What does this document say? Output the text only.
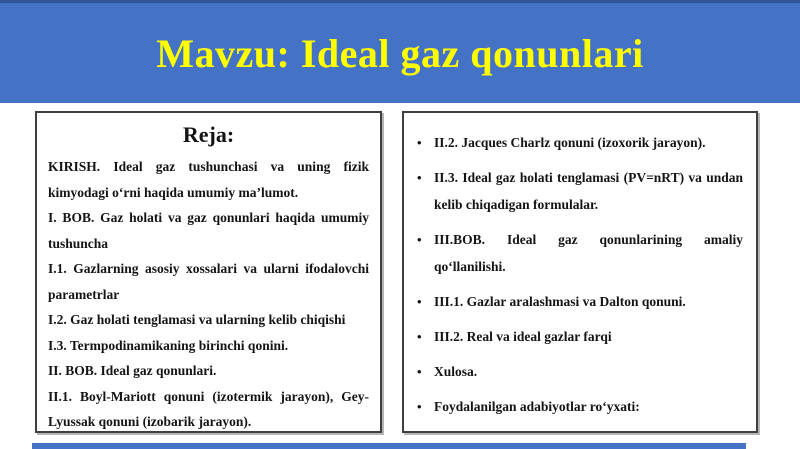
Mavzu: Ideal gaz qonunlari
Reja:

KIRISH. Ideal gaz tushunchasi va uning fizik kimyodagi o‘rni haqida umumiy ma’lumot.

I. BOB. Gaz holati va gaz qonunlari haqida umumiy tushuncha

I.1. Gazlarning asosiy xossalari va ularni ifodalovchi parametrlar

I.2. Gaz holati tenglamasi va ularning kelib chiqishi

I.3. Termpodinamikaning birinchi qonini.

II. BOB. Ideal gaz qonunlari.

II.1. Boyl-Mariott qonuni (izotermik jarayon), Gey-Lyussak qonuni (izobarik jarayon).

• II.2. Jacques Charlz qonuni (izoxorik jarayon).
• II.3. Ideal gaz holati tenglamasi (PV=nRT) va undan kelib chiqadigan formulalar.
• III.BOB. Ideal gaz qonunlarining amaliy qo‘llanilishi.
• III.1. Gazlar aralashmasi va Dalton qonuni.
• III.2. Real va ideal gazlar farqi
• Xulosa.
• Foydalanilgan adabiyotlar ro‘yxati:
